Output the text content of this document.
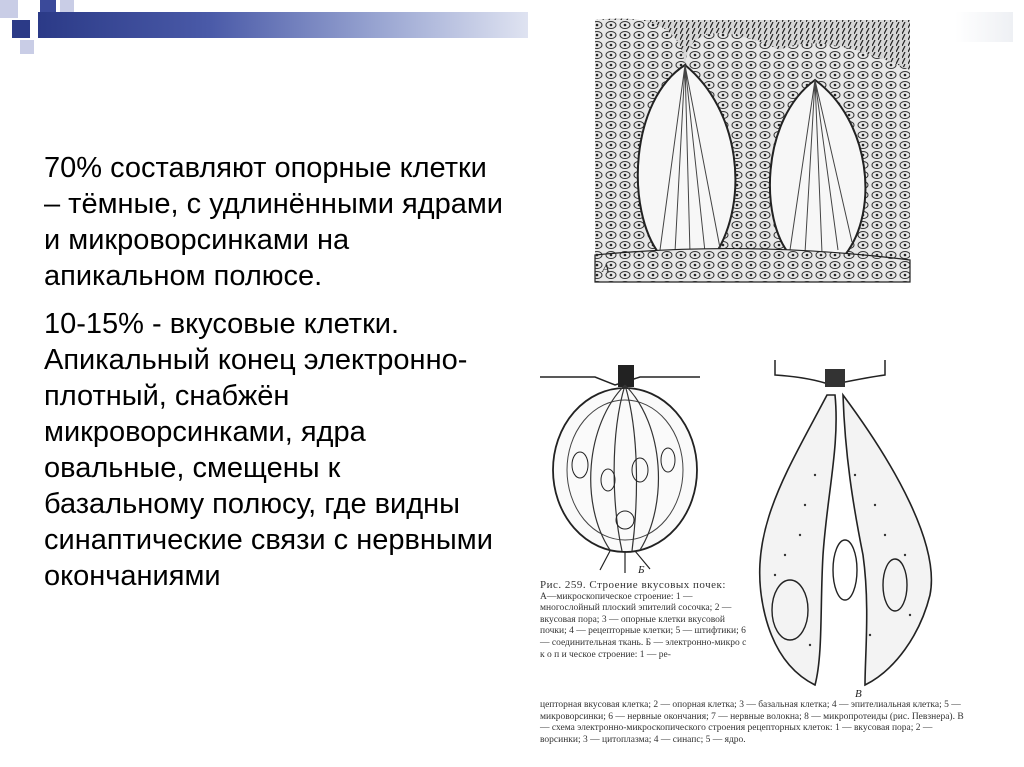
70% составляют опорные клетки – тёмные, с удлинёнными ядрами и микроворсинками на апикальном полюсе.

10-15% - вкусовые клетки. Апикальный конец электронно-плотный, снабжён микроворсинками, ядра овальные, смещены к базальному полюсу, где видны синаптические связи с нервными окончаниями

А
Б
В
Рис. 259. Строение вкусовых почек:
А—микроскопическое строение: 1 — многослойный плоский эпителий сосочка; 2 — вкусовая пора; 3 — опорные клетки вкусовой почки; 4 — рецепторные клетки; 5 — штифтики; 6 — соединительная ткань. Б — электронно-микро с к о п и ческое строение: 1 — ре-
цепторная вкусовая клетка; 2 — опорная клетка; 3 — базальная клетка; 4 — эпителиальная клетка; 5 — микроворсинки; 6 — нервные окончания; 7 — нервные волокна; 8 — микропротеиды (рис. Певзнера). В — схема электронно-микроскопического строения рецепторных клеток: 1 — вкусовая пора; 2 — ворсинки; 3 — цитоплазма; 4 — синапс; 5 — ядро.
